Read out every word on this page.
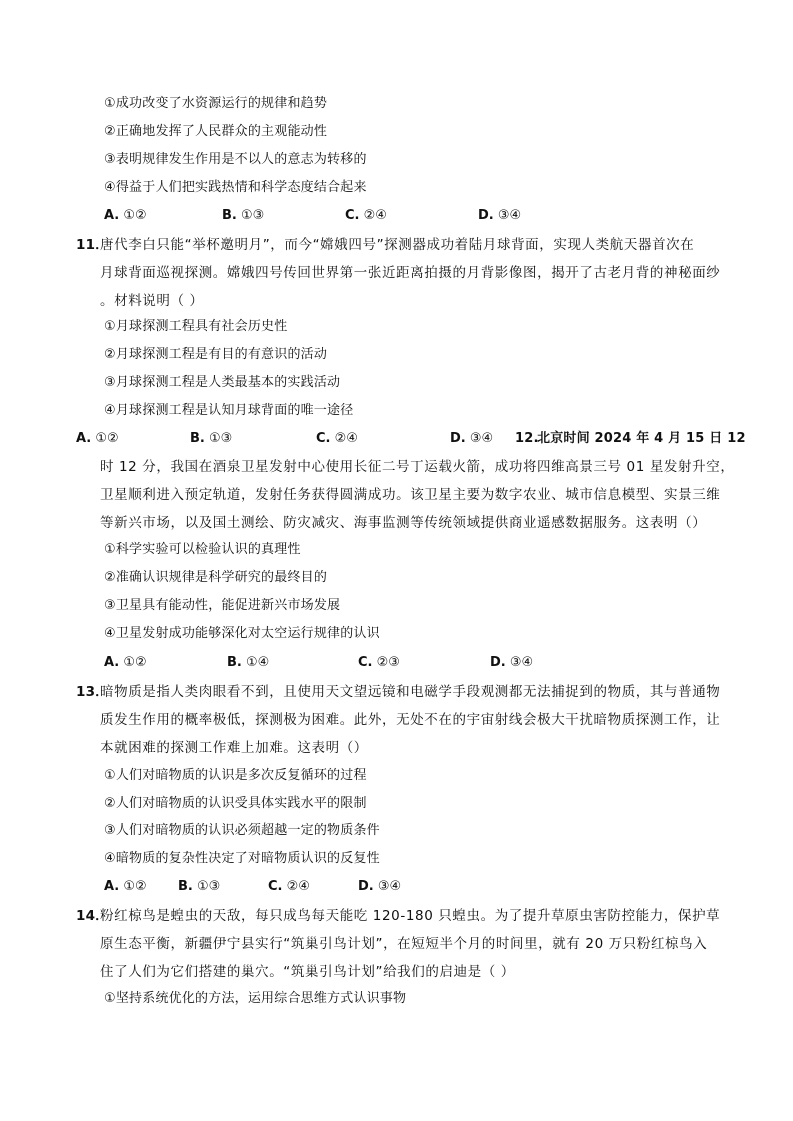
①成功改变了水资源运行的规律和趋势
②正确地发挥了人民群众的主观能动性
③表明规律发生作用是不以人的意志为转移的
④得益于人们把实践热情和科学态度结合起来
A. ①②	B. ①③	C. ②④	D. ③④
11．
唐代李白只能“举杯邀明月”，而今“嫦娥四号”探测器成功着陆月球背面，实现人类航天器首次在
月球背面巡视探测。嫦娥四号传回世界第一张近距离拍摄的月背影像图，揭开了古老月背的神秘面纱
。材料说明（ ）
①月球探测工程具有社会历史性
②月球探测工程是有目的有意识的活动
③月球探测工程是人类最基本的实践活动
④月球探测工程是认知月球背面的唯一途径
A. ①②	B. ①③	C. ②④	D. ③④ 12.
北京时间 2024 年 4 月 15 日 12
时 12 分，我国在酒泉卫星发射中心使用长征二号丁运载火箭，成功将四维高景三号 01 星发射升空，
卫星顺利进入预定轨道，发射任务获得圆满成功。该卫星主要为数字农业、城市信息模型、实景三维
等新兴市场，以及国土测绘、防灾减灾、海事监测等传统领域提供商业遥感数据服务。这表明（）
①科学实验可以检验认识的真理性
②准确认识规律是科学研究的最终目的
③卫星具有能动性，能促进新兴市场发展
④卫星发射成功能够深化对太空运行规律的认识
A. ①②	B. ①④	C. ②③	D. ③④
13．
暗物质是指人类肉眼看不到，且使用天文望远镜和电磁学手段观测都无法捕捉到的物质，其与普通物
质发生作用的概率极低，探测极为困难。此外，无处不在的宇宙射线会极大干扰暗物质探测工作，让
本就困难的探测工作难上加难。这表明（）
①人们对暗物质的认识是多次反复循环的过程
②人们对暗物质的认识受具体实践水平的限制
③人们对暗物质的认识必须超越一定的物质条件
④暗物质的复杂性决定了对暗物质认识的反复性
A. ①② B. ①③	C. ②④	D. ③④
14．
粉红椋鸟是蝗虫的天敌，每只成鸟每天能吃 120-180 只蝗虫。为了提升草原虫害防控能力，保护草
原生态平衡，新疆伊宁县实行“筑巢引鸟计划”，在短短半个月的时间里，就有 20 万只粉红椋鸟入
住了人们为它们搭建的巢穴。“筑巢引鸟计划”给我们的启迪是（ ）
①坚持系统优化的方法，运用综合思维方式认识事物
